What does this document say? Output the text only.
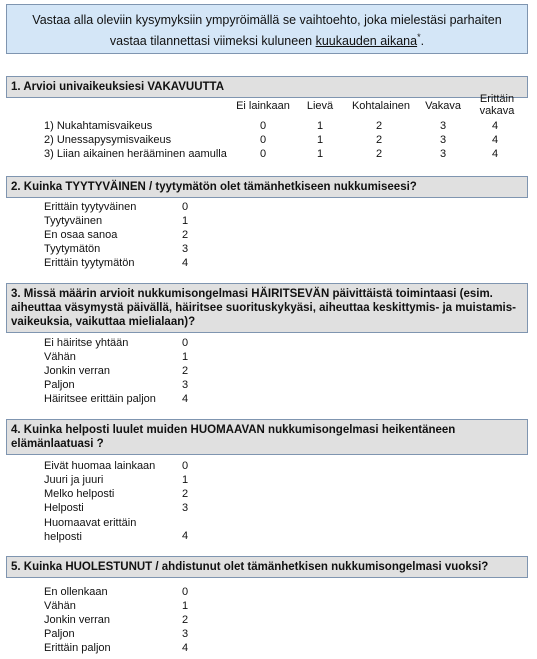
Vastaa alla oleviin kysymyksiin ympyröimällä se vaihtoehto, joka mielestäsi parhaiten vastaa tilannettasi viimeksi kuluneen kuukauden aikana*.
1. Arvioi univaikeuksiesi VAKAVUUTTA
Ei lainkaan	Lievä	Kohtalainen	Vakava
Erittäin
vakava
1) Nukahtamisvaikeus	0	1	2	3	4
2) Unessapysymisvaikeus	0	1	2	3	4
3) Liian aikainen herääminen aamulla	0	1	2	3	4
2. Kuinka TYYTYVÄINEN / tyytymätön olet tämänhetkiseen nukkumiseesi?
Erittäin tyytyväinen	0
Tyytyväinen	1
En osaa sanoa	2
Tyytymätön	3
Erittäin tyytymätön	4
3. Missä määrin arvioit nukkumisongelmasi HÄIRITSEVÄN päivittäistä toimintaasi (esim. aiheuttaa väsymystä päivällä, häiritsee suorituskykyäsi, aiheuttaa keskittymis- ja muistamis-vaikeuksia, vaikuttaa mielialaan)?
Ei häiritse yhtään	0
Vähän	1
Jonkin verran	2
Paljon	3
Häiritsee erittäin paljon 4
4. Kuinka helposti luulet muiden HUOMAAVAN nukkumisongelmasi heikentäneen elämänlaatuasi ?
Eivät huomaa lainkaan 0
Juuri ja juuri	1
Melko helposti	2
Helposti	3
Huomaavat erittäin
helposti	4
5. Kuinka HUOLESTUNUT / ahdistunut olet tämänhetkisen nukkumisongelmasi vuoksi?
En ollenkaan	0
Vähän	1
Jonkin verran	2
Paljon	3
Erittäin paljon	4
